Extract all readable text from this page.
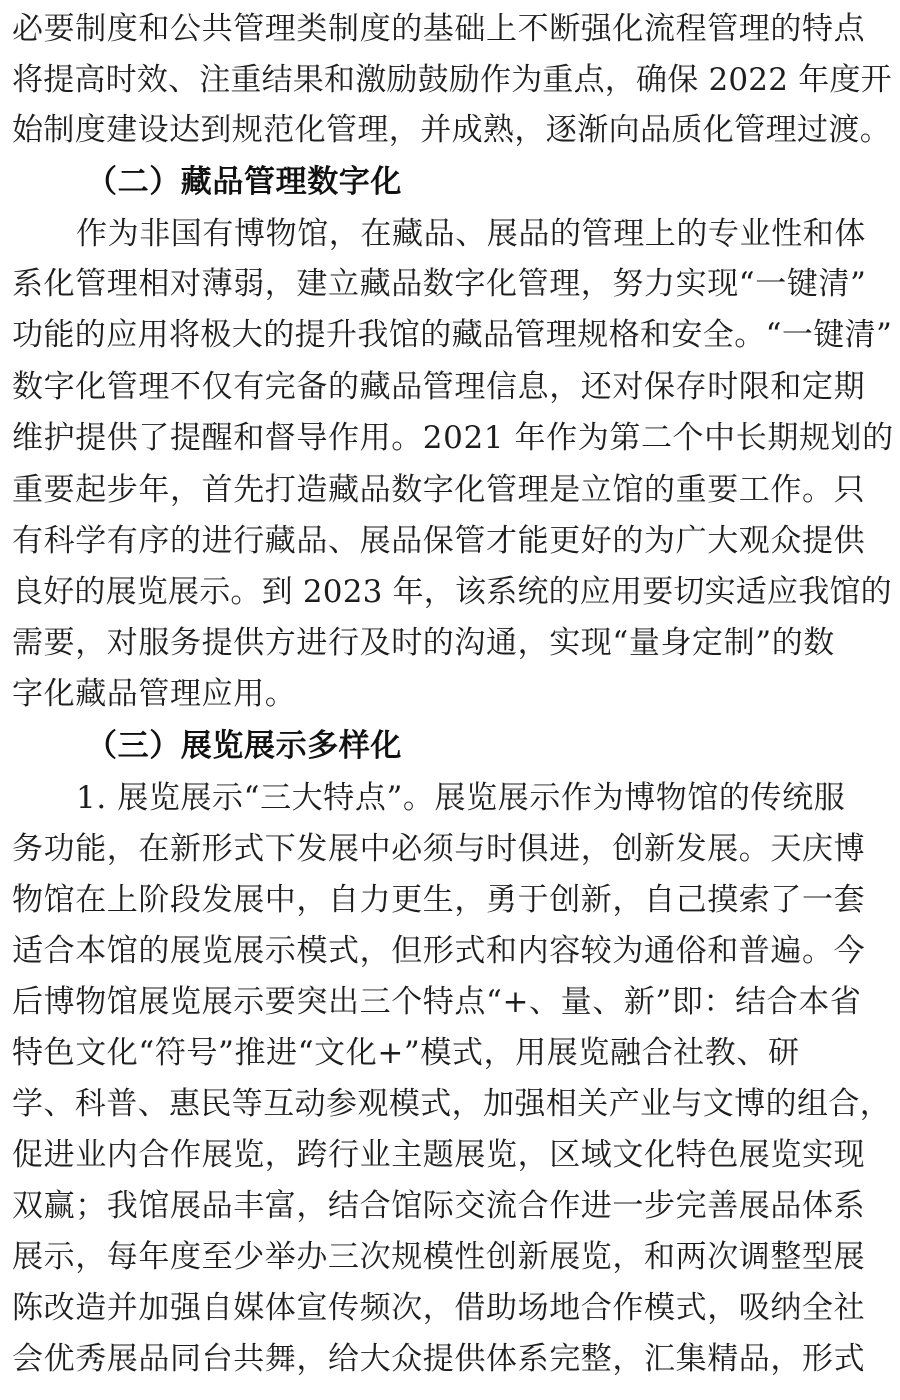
必要制度和公共管理类制度的基础上不断强化流程管理的特点
将提高时效、注重结果和激励鼓励作为重点，确保 2022 年度开
始制度建设达到规范化管理，并成熟，逐渐向品质化管理过渡。
（二）藏品管理数字化
作为非国有博物馆，在藏品、展品的管理上的专业性和体
系化管理相对薄弱，建立藏品数字化管理，努力实现“一键清”
功能的应用将极大的提升我馆的藏品管理规格和安全。“一键清”
数字化管理不仅有完备的藏品管理信息，还对保存时限和定期
维护提供了提醒和督导作用。2021 年作为第二个中长期规划的
重要起步年，首先打造藏品数字化管理是立馆的重要工作。只
有科学有序的进行藏品、展品保管才能更好的为广大观众提供
良好的展览展示。到 2023 年，该系统的应用要切实适应我馆的
需要，对服务提供方进行及时的沟通，实现“量身定制”的数
字化藏品管理应用。
（三）展览展示多样化
1. 展览展示“三大特点”。展览展示作为博物馆的传统服
务功能，在新形式下发展中必须与时俱进，创新发展。天庆博
物馆在上阶段发展中，自力更生，勇于创新，自己摸索了一套
适合本馆的展览展示模式，但形式和内容较为通俗和普遍。今
后博物馆展览展示要突出三个特点“+、量、新”即：结合本省
特色文化“符号”推进“文化+”模式，用展览融合社教、研
学、科普、惠民等互动参观模式，加强相关产业与文博的组合，
促进业内合作展览，跨行业主题展览，区域文化特色展览实现
双赢；我馆展品丰富，结合馆际交流合作进一步完善展品体系
展示，每年度至少举办三次规模性创新展览，和两次调整型展
陈改造并加强自媒体宣传频次，借助场地合作模式，吸纳全社
会优秀展品同台共舞，给大众提供体系完整，汇集精品，形式
